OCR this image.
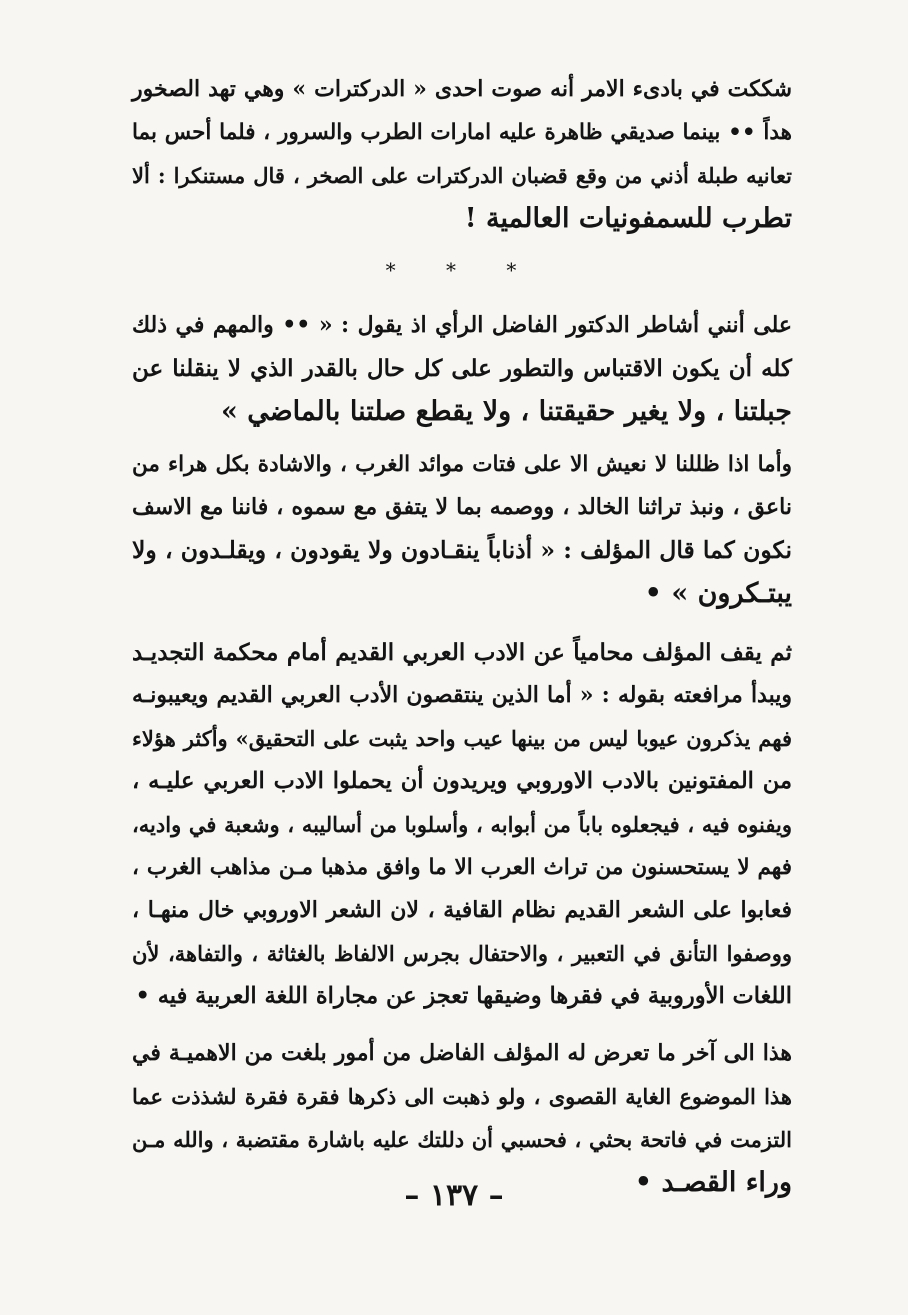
شككت في بادىء الامر أنه صوت احدى « الدركترات » وهي تهد الصخور
هداً •• بينما صديقي ظاهرة عليه امارات الطرب والسرور ، فلما أحس بما
تعانيه طبلة أذني من وقع قضبان الدركترات على الصخر ، قال مستنكرا : ألا
تطرب للسمفونيات العالمية !

* * *

على أنني أشاطر الدكتور الفاضل الرأي اذ يقول : « •• والمهم في ذلك
كله أن يكون الاقتباس والتطور على كل حال بالقدر الذي لا ينقلنا عن
جبلتنا ، ولا يغير حقيقتنا ، ولا يقطع صلتنا بالماضي »

وأما اذا ظللنا لا نعيش الا على فتات موائد الغرب ، والاشادة بكل هراء من
ناعق ، ونبذ تراثنا الخالد ، ووصمه بما لا يتفق مع سموه ، فاننا مع الاسف
نكون كما قال المؤلف : « أذناباً ينقـادون ولا يقودون ، ويقلـدون ، ولا
يبتـكرون » •

ثم يقف المؤلف محامياً عن الادب العربي القديم أمام محكمة التجديـد
ويبدأ مرافعته بقوله : « أما الذين ينتقصون الأدب العربي القديم ويعيبونـه
فهم يذكرون عيوبا ليس من بينها عيب واحد يثبت على التحقيق» وأكثر هؤلاء
من المفتونين بالادب الاوروبي ويريدون أن يحملوا الادب العربي عليـه ،
ويفنوه فيه ، فيجعلوه باباً من أبوابه ، وأسلوبا من أساليبه ، وشعبة في واديه،
فهم لا يستحسنون من تراث العرب الا ما وافق مذهبا مـن مذاهب الغرب ،
فعابوا على الشعر القديم نظام القافية ، لان الشعر الاوروبي خال منهـا ،
ووصفوا التأنق في التعبير ، والاحتفال بجرس الالفاظ بالغثاثة ، والتفاهة، لأن
اللغات الأوروبية في فقرها وضيقها تعجز عن مجاراة اللغة العربية فيه •

هذا الى آخر ما تعرض له المؤلف الفاضل من أمور بلغت من الاهميـة في
هذا الموضوع الغاية القصوى ، ولو ذهبت الى ذكرها فقرة فقرة لشذذت عما
التزمت في فاتحة بحثي ، فحسبي أن دللتك عليه باشارة مقتضبة ، والله مـن
وراء القصـد •

– ١٣٧ –
